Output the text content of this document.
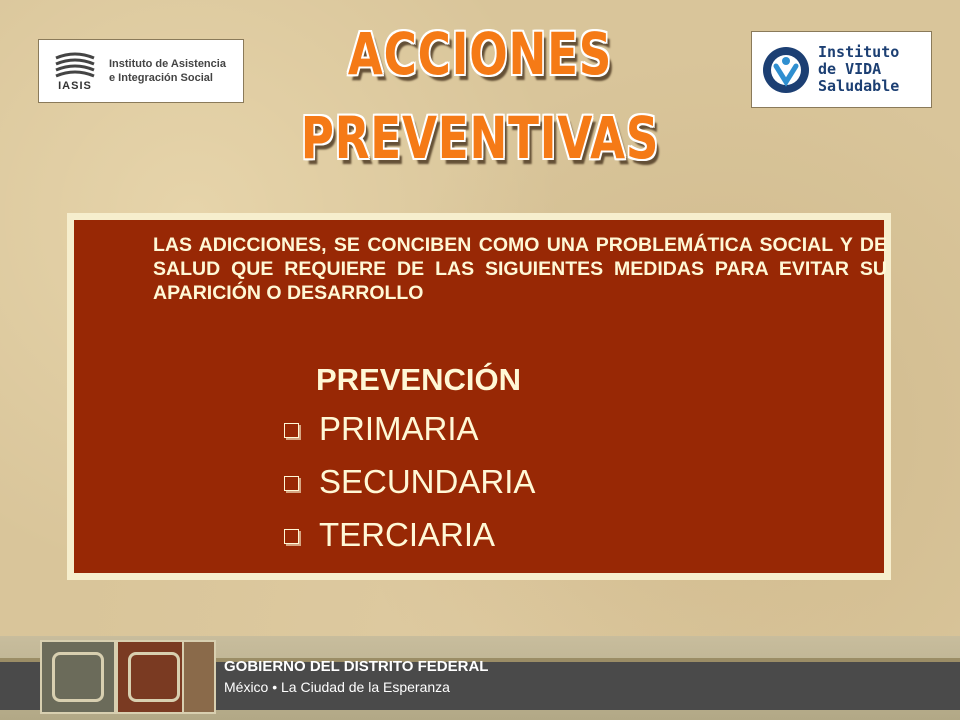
IASIS
Instituto de Asistencia
e Integración Social
Instituto
de VIDA
Saludable
ACCIONES
PREVENTIVAS

LAS ADICCIONES, SE CONCIBEN COMO UNA PROBLEMÁTICA SOCIAL Y DE SALUD QUE REQUIERE DE LAS SIGUIENTES MEDIDAS PARA EVITAR SU APARICIÓN O DESARROLLO

PREVENCIÓN

PRIMARIA
SECUNDARIA
TERCIARIA
GOBIERNO DEL DISTRITO FEDERAL
México • La Ciudad de la Esperanza
